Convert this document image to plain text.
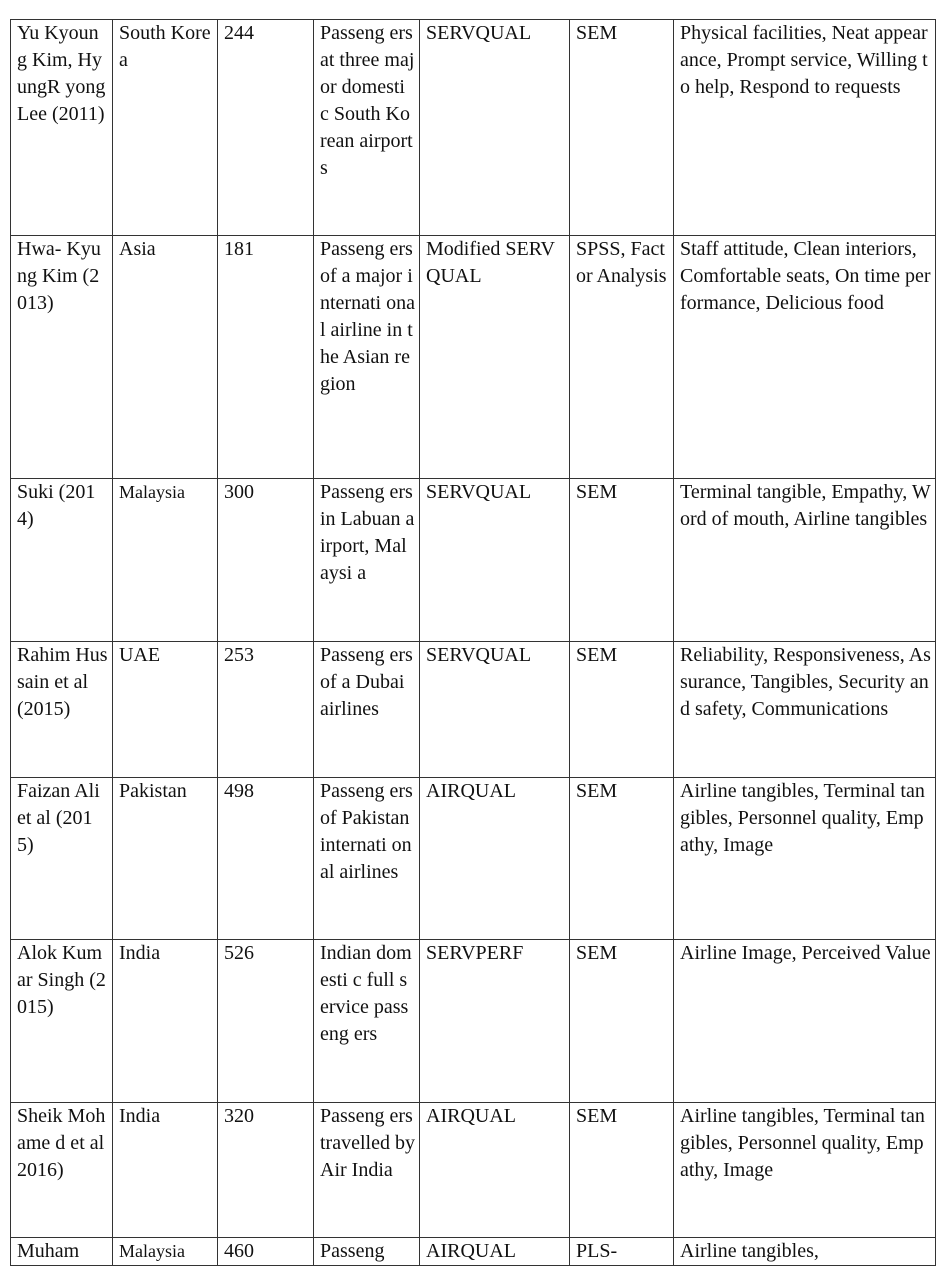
Yu Kyoung Kim, HyungR yong Lee (2011)	South Korea	244	Passeng ers at three major domesti c South Korean airports	SERVQUAL	SEM	Physical facilities, Neat appearance, Prompt service, Willing to help, Respond to requests
Hwa- Kyung Kim (2013)	Asia	181	Passeng ers of a major internati onal airline in the Asian region	Modified SERVQUAL	SPSS, Factor Analysis	Staff attitude, Clean interiors, Comfortable seats, On time performance, Delicious food
Suki (2014)	Malaysia	300	Passeng ers in Labuan airport, Malaysi a	SERVQUAL	SEM	Terminal tangible, Empathy, Word of mouth, Airline tangibles
Rahim Hussain et al (2015)	UAE	253	Passeng ers of a Dubai airlines	SERVQUAL	SEM	Reliability, Responsiveness, Assurance, Tangibles, Security and safety, Communications
Faizan Ali et al (2015)	Pakistan	498	Passeng ers of Pakistan internati onal airlines	AIRQUAL	SEM	Airline tangibles, Terminal tangibles, Personnel quality, Empathy, Image
Alok Kumar Singh (2015)	India	526	Indian domesti c full service passeng ers	SERVPERF	SEM	Airline Image, Perceived Value
Sheik Mohame d et al 2016)	India	320	Passeng ers travelled by Air India	AIRQUAL	SEM	Airline tangibles, Terminal tangibles, Personnel quality, Empathy, Image
Muham	Malaysia	460	Passeng	AIRQUAL	PLS-	Airline tangibles,
